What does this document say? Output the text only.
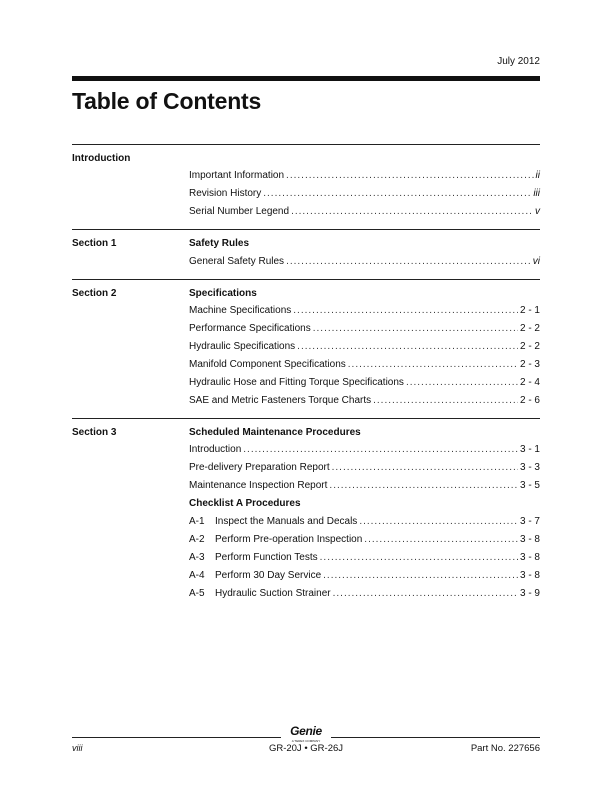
July 2012
Table of Contents
Introduction
Important Information .....	ii
Revision History .....	iii
Serial Number Legend .....	v
Section 1	Safety Rules
General Safety Rules .....	vi
Section 2	Specifications
Machine Specifications .....	2 - 1
Performance Specifications .....	2 - 2
Hydraulic Specifications .....	2 - 2
Manifold Component Specifications .....	2 - 3
Hydraulic Hose and Fitting Torque Specifications .....	2 - 4
SAE and Metric Fasteners Torque Charts .....	2 - 6
Section 3	Scheduled Maintenance Procedures
Introduction .....	3 - 1
Pre-delivery Preparation Report .....	3 - 3
Maintenance Inspection Report .....	3 - 5
Checklist A Procedures
A-1	Inspect the Manuals and Decals .....	3 - 7
A-2	Perform Pre-operation Inspection .....	3 - 8
A-3	Perform Function Tests .....	3 - 8
A-4	Perform 30 Day Service .....	3 - 8
A-5	Hydraulic Suction Strainer .....	3 - 9
Genie
A TEREX COMPANY
viii	GR-20J • GR-26J	Part No. 227656
